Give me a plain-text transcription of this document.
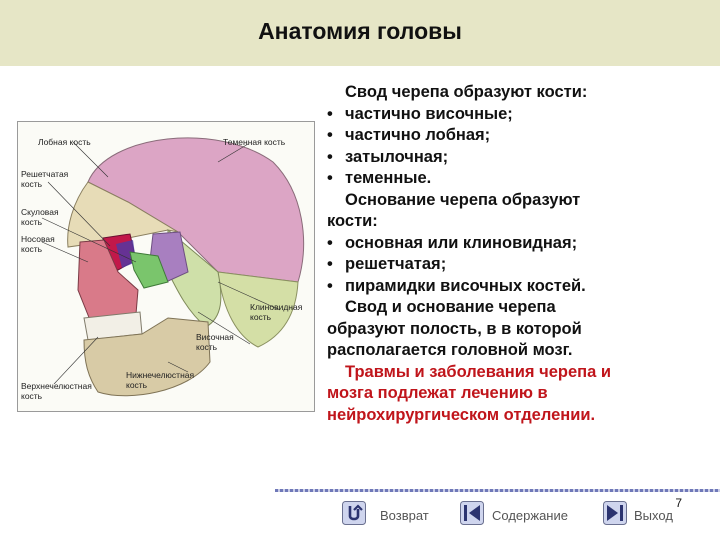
Анатомия головы
Лобная кость	Теменная кость
Решетчатая
кость
Скуловая
кость
Носовая
кость
Клиновидная
кость
Височная
кость
Нижнечелюстная
кость
Верхнечелюстная
кость
Свод черепа образуют кости:
• частично височные;
• частично лобная;
• затылочная;
• теменные.
Основание черепа образуют
кости:
• основная или клиновидная;
• решетчатая;
• пирамидки височных костей.
Свод и основание черепа
образуют полость, в в которой
располагается головной мозг.
Травмы и заболевания черепа и
мозга подлежат лечению в
нейрохирургическом отделении.
7
Возврат	Содержание	Выход
